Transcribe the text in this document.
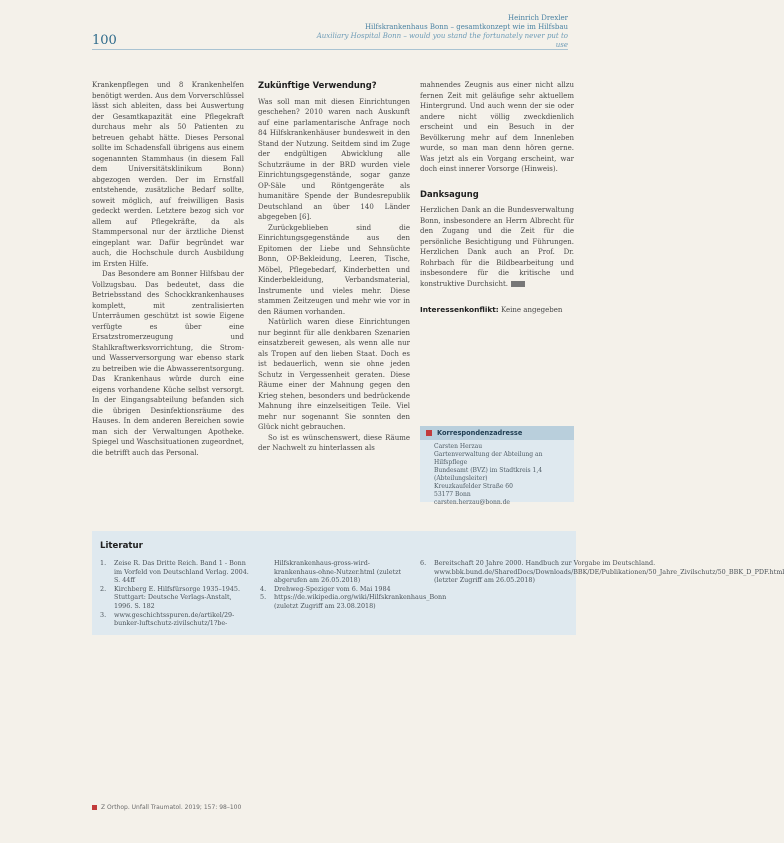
100
Heinrich Drexler
Hilfskrankenhaus Bonn – gesamtkonzept wie im Hilfsbau
Auxiliary Hospital Bonn – would you stand the fortunately never put to use

Krankenpflegen und 8 Krankenhelfen benötigt werden. Aus dem Vorverschlüssel lässt sich ableiten, dass bei Auswertung der Gesamtkapazität eine Pflegekraft durchaus mehr als 50 Patienten zu betreuen gehabt hätte. Dieses Personal sollte im Schadensfall übrigens aus einem sogenannten Stammhaus (in diesem Fall dem Universitätsklinikum Bonn) abgezogen werden. Der im Ernstfall entstehende, zusätzliche Bedarf sollte, soweit möglich, auf freiwilligen Basis gedeckt werden. Letztere bezog sich vor allem auf Pflegekräfte, da als Stammpersonal nur der ärztliche Dienst eingeplant war. Dafür begründet war auch, die Hochschule durch Ausbildung im Ersten Hilfe.

Das Besondere am Bonner Hilfsbau der Vollzugsbau. Das bedeutet, dass die Betriebsstand des Schockkrankenhauses komplett, mit zentralisierten Unterräumen geschützt ist sowie Eigene verfügte es über eine Ersatzstromerzeugung und Stahlkraftwerksvorrichtung, die Strom- und Wasserversorgung war ebenso stark zu betreiben wie die Abwasserentsorgung. Das Krankenhaus würde durch eine eigens vorhandene Küche selbst versorgt. In der Eingangsabteilung befanden sich die übrigen Desinfektionsräume des Hauses. In dem anderen Bereichen sowie man sich der Verwaltungen Apotheke. Spiegel und Waschsituationen zugeordnet, die betrifft auch das Personal.

Zukünftige Verwendung?

Was soll man mit diesen Einrichtungen geschehen? 2010 waren nach Auskunft auf eine parlamentarische Anfrage noch 84 Hilfskrankenhäuser bundesweit in den Stand der Nutzung. Seitdem sind im Zuge der endgültigen Abwicklung alle Schutzräume in der BRD wurden viele Einrichtungsgegenstände, sogar ganze OP-Säle und Röntgengeräte als humanitäre Spende der Bundesrepublik Deutschland an über 140 Länder abgegeben [6].

Zurückgeblieben sind die Einrichtungsgegenstände aus den Epitomen der Liebe und Sehnsüchte Bonn, OP-Bekleidung, Leeren, Tische, Möbel, Pflegebedarf, Kinderbetten und Kinderbekleidung, Verbandsmaterial, Instrumente und vieles mehr. Diese stammen Zeitzeugen und mehr wie vor in den Räumen vorhanden.

Natürlich waren diese Einrichtungen nur beginnt für alle denkbaren Szenarien einsatzbereit gewesen, als wenn alle nur als Tropen auf den lieben Staat. Doch es ist bedauerlich, wenn sie ohne jeden Schutz in Vergessenheit geraten. Diese Räume einer der Mahnung gegen den Krieg stehen, besonders und bedrückende Mahnung ihre einzelseitigen Teile. Viel mehr nur sogenannt Sie sonnten den Glück nicht gebrauchen.

So ist es wünschenswert, diese Räume der Nachwelt zu hinterlassen als

mahnendes Zeugnis aus einer nicht allzu fernen Zeit mit geläufige sehr aktuellem Hintergrund. Und auch wenn der sie oder andere nicht völlig zweckdienlich erscheint und ein Besuch in der Bevölkerung mehr auf dem Innenleben wurde, so man man denn hören gerne. Was jetzt als ein Vorgang erscheint, war doch einst innerer Vorsorge (Hinweis).

Danksagung

Herzlichen Dank an die Bundesverwaltung Bonn, insbesondere an Herrn Albrecht für den Zugang und die Zeit für die persönliche Besichtigung und Führungen. Herzlichen Dank auch an Prof. Dr. Rohrbach für die Bildbearbeitung und insbesondere für die kritische und konstruktive Durchsicht.

Interessenkonflikt: Keine angegeben
Korrespondenzadresse
Carsten Herzau
Gartenverwaltung der Abteilung an
Hilfspflege
Bundesamt (BVZ) im Stadtkreis 1,4
(Abteilungsleiter)
Kreuzkaufelder Straße 60
53177 Bonn
carsten.herzau@bonn.de
Literatur
1.	Zeise R. Das Dritte Reich. Band 1 - Bonn im Vorfeld von Deutschland Verlag. 2004. S. 44ff
2.	Kirchberg E. Hilfsfürsorge 1935–1945. Stuttgart: Deutsche Verlags-Anstalt, 1996. S. 182
3.	www.geschichtsspuren.de/artikel/29-bunker-luftschutz-zivilschutz/1?be-
Hilfskrankenhaus-gross-wird-krankenhaus-ohne-Nutzer.html (zuletzt abgerufen am 26.05.2018)
4.	Drehweg-Speziger vom 6. Mai 1984
5.	https://de.wikipedia.org/wiki/Hilfskrankenhaus_Bonn (zuletzt Zugriff am 23.08.2018)
6.	Bereitschaft 20 Jahre 2000. Handbuch zur Vorgabe im Deutschland. www.bbk.bund.de/SharedDocs/Downloads/BBK/DE/Publikationen/50_Jahre_Zivilschutz/50_BBK_D_PDF.html (letzter Zugriff am 26.05.2018)
Z Orthop. Unfall Traumatol. 2019; 157: 98–100
